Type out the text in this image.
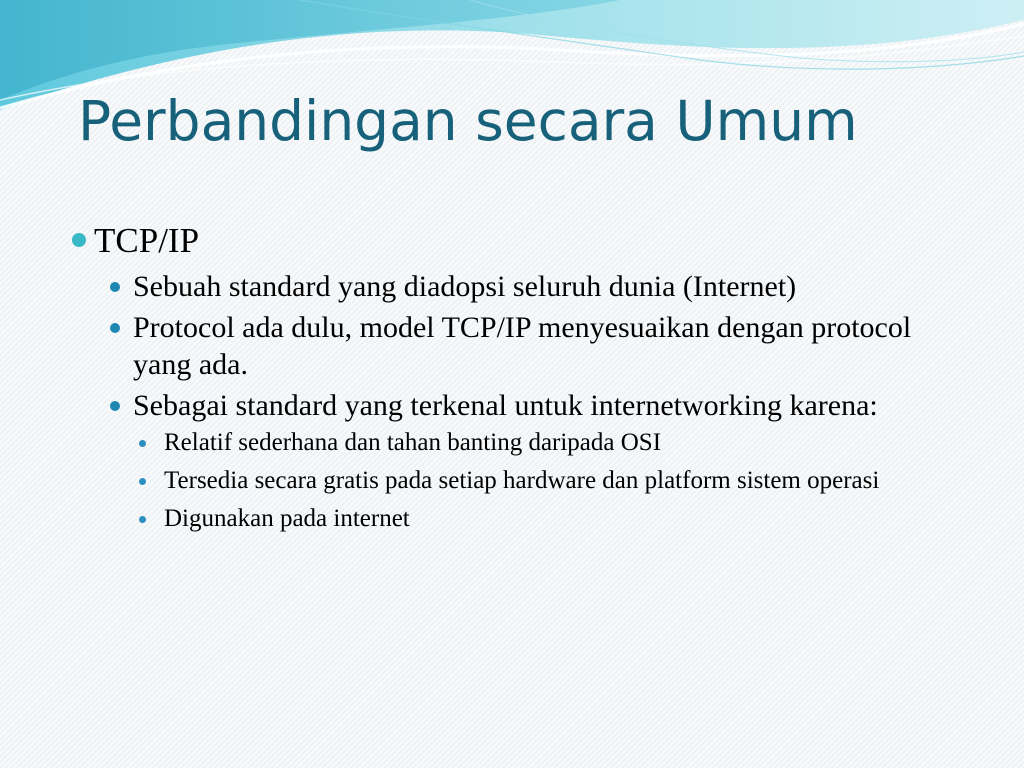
Perbandingan secara Umum
TCP/IP
Sebuah standard yang diadopsi seluruh dunia (Internet)
Protocol ada dulu, model TCP/IP menyesuaikan dengan protocol yang ada.
Sebagai standard yang terkenal untuk internetworking karena:
Relatif sederhana dan tahan banting daripada OSI
Tersedia secara gratis pada setiap hardware dan platform sistem operasi
Digunakan pada internet
